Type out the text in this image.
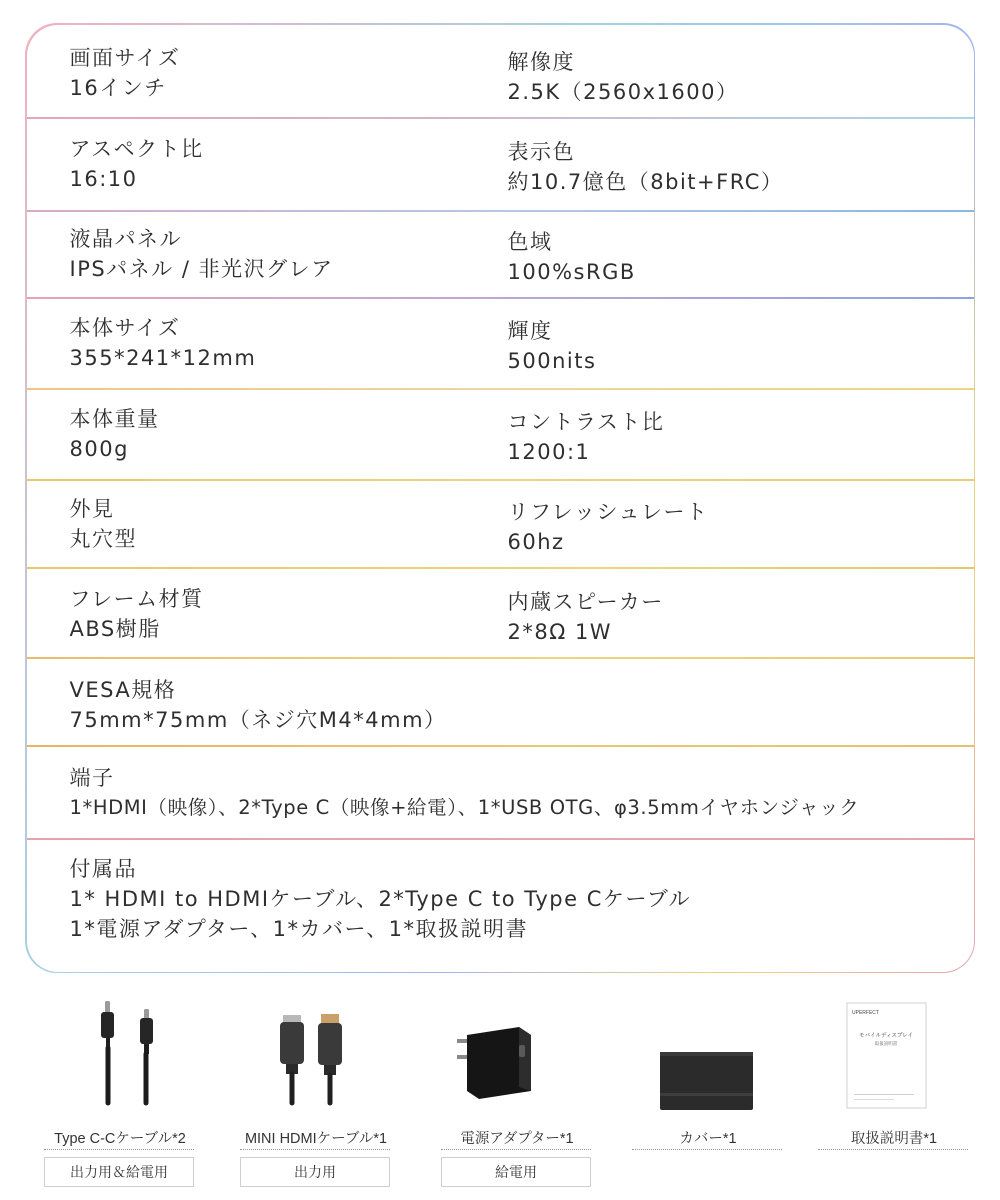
画面サイズ
16インチ
解像度
2.5K（2560x1600）
アスペクト比
16:10
表示色
約10.7億色（8bit+FRC）
液晶パネル
IPSパネル / 非光沢グレア
色域
100%sRGB
本体サイズ
355*241*12mm
輝度
500nits
本体重量
800g
コントラスト比
1200:1
外見
丸穴型
リフレッシュレート
60hz
フレーム材質
ABS樹脂
内蔵スピーカー
2*8Ω 1W
VESA規格
75mm*75mm（ネジ穴M4*4mm）
端子
1*HDMI（映像）、2*Type C（映像+給電）、1*USB OTG、φ3.5mmイヤホンジャック
付属品
1* HDMI to HDMIケーブル、2*Type C to Type Cケーブル
1*電源アダプター、1*カバー、1*取扱説明書
Type C-Cケーブル*2
出力用＆給電用
MINI HDMIケーブル*1
出力用
電源アダプター*1
給電用
カバー*1
UPERFECT
モバイルディスプレイ
取扱説明書
取扱説明書*1
